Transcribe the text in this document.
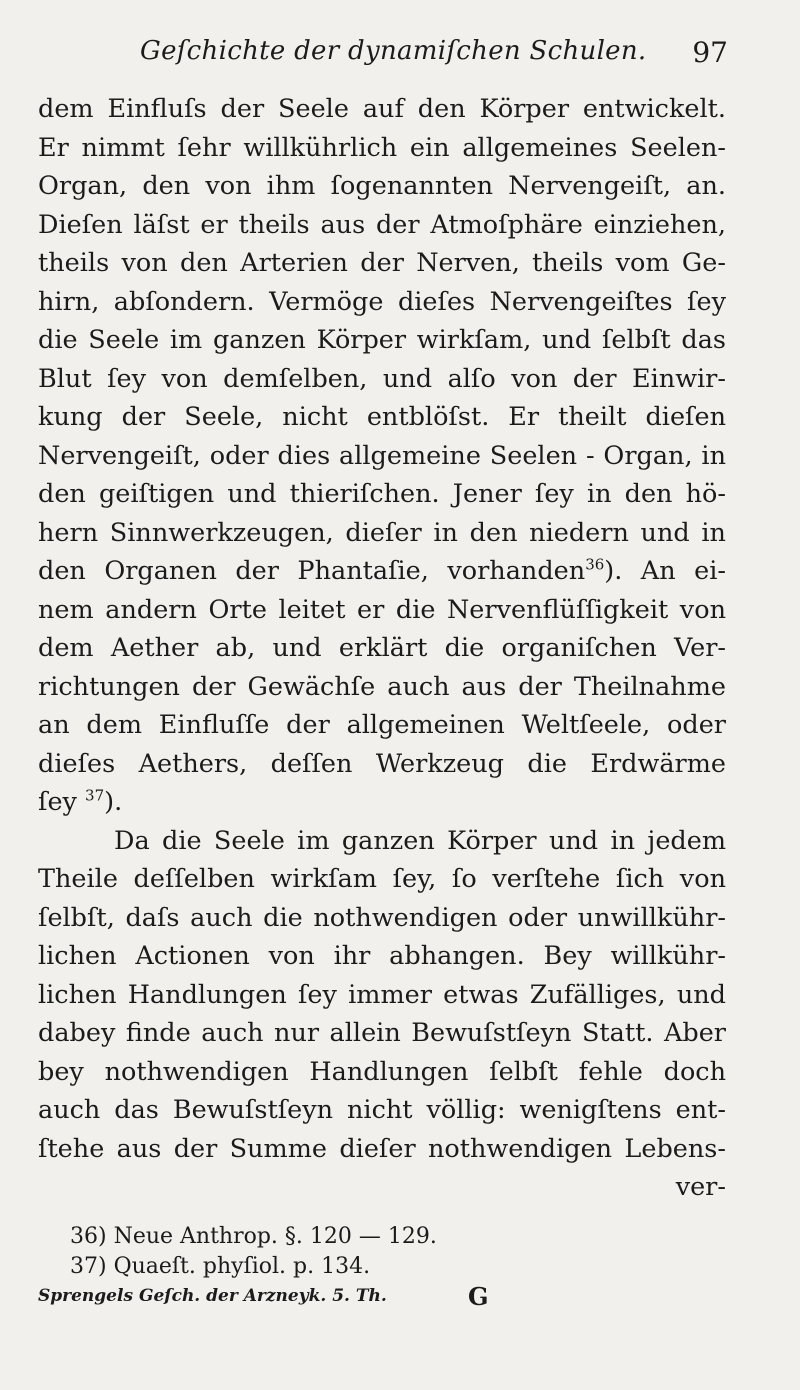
Geſchichte der dynamiſchen Schulen. 97
dem Einfluſs der Seele auf den Körper entwickelt.
Er nimmt ſehr willkührlich ein allgemeines Seelen-
Organ, den von ihm ſogenannten Nervengeiſt, an.
Dieſen läſst er theils aus der Atmoſphäre einziehen,
theils von den Arterien der Nerven, theils vom Ge-
hirn, abſondern. Vermöge dieſes Nervengeiſtes ſey
die Seele im ganzen Körper wirkſam, und ſelbſt das
Blut ſey von demſelben, und alſo von der Einwir-
kung der Seele, nicht entblöſst. Er theilt dieſen
Nervengeiſt, oder dies allgemeine Seelen - Organ, in
den geiſtigen und thieriſchen. Jener ſey in den hö-
hern Sinnwerkzeugen, dieſer in den niedern und in
den Organen der Phantaſie, vorhanden$^{36}$). An ei-
nem andern Orte leitet er die Nervenflüſſigkeit von
dem Aether ab, und erklärt die organiſchen Ver-
richtungen der Gewächſe auch aus der Theilnahme
an dem Einfluſſe der allgemeinen Weltſeele, oder
dieſes Aethers, deſſen Werkzeug die Erdwärme
ſey $^{37}$).
Da die Seele im ganzen Körper und in jedem
Theile deſſelben wirkſam ſey, ſo verſtehe ſich von
ſelbſt, daſs auch die nothwendigen oder unwillkühr-
lichen Actionen von ihr abhangen. Bey willkühr-
lichen Handlungen ſey immer etwas Zufälliges, und
dabey finde auch nur allein Bewuſstſeyn Statt. Aber
bey nothwendigen Handlungen ſelbſt fehle doch
auch das Bewuſstſeyn nicht völlig: wenigſtens ent-
ſtehe aus der Summe dieſer nothwendigen Lebens-
ver-
36) Neue Anthrop. §. 120 — 129.
37) Quaeſt. phyſiol. p. 134.
Sprengels Geſch. der Arzneyk. 5. Th.	G
